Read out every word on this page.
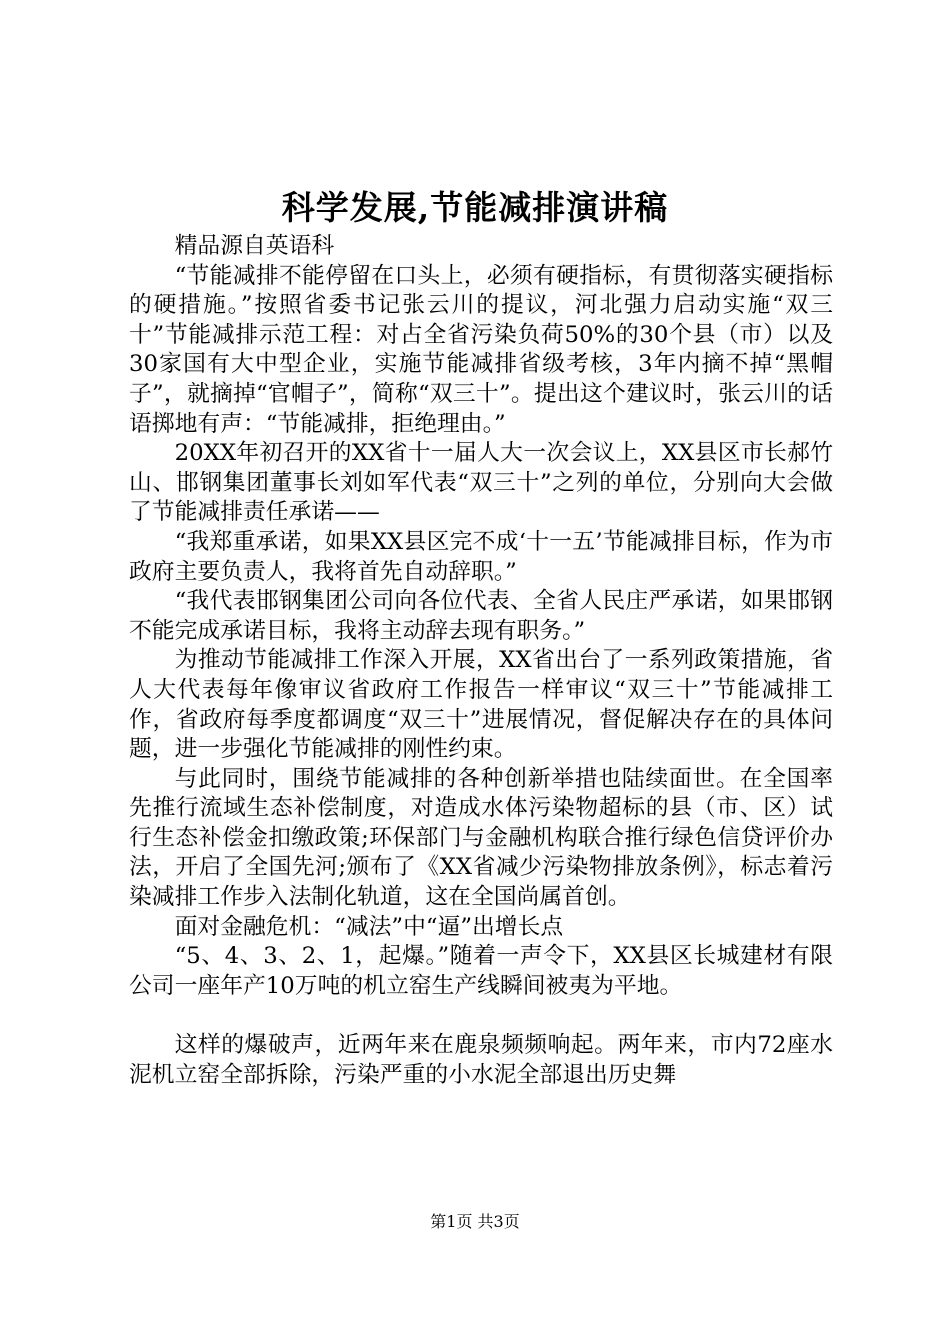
科学发展,节能减排演讲稿

精品源自英语科

“节能减排不能停留在口头上，必须有硬指标，有贯彻落实硬指标的硬措施。”按照省委书记张云川的提议，河北强力启动实施“双三十”节能减排示范工程：对占全省污染负荷50%的30个县（市）以及30家国有大中型企业，实施节能减排省级考核，3年内摘不掉“黑帽子”，就摘掉“官帽子”，简称“双三十”。提出这个建议时，张云川的话语掷地有声：“节能减排，拒绝理由。”

20XX年初召开的XX省十一届人大一次会议上，XX县区市长郝竹山、邯钢集团董事长刘如军代表“双三十”之列的单位，分别向大会做了节能减排责任承诺——

“我郑重承诺，如果XX县区完不成‘十一五’节能减排目标，作为市政府主要负责人，我将首先自动辞职。”

“我代表邯钢集团公司向各位代表、全省人民庄严承诺，如果邯钢不能完成承诺目标，我将主动辞去现有职务。”

为推动节能减排工作深入开展，XX省出台了一系列政策措施，省人大代表每年像审议省政府工作报告一样审议“双三十”节能减排工作，省政府每季度都调度“双三十”进展情况，督促解决存在的具体问题，进一步强化节能减排的刚性约束。

与此同时，围绕节能减排的各种创新举措也陆续面世。在全国率先推行流域生态补偿制度，对造成水体污染物超标的县（市、区）试行生态补偿金扣缴政策;环保部门与金融机构联合推行绿色信贷评价办法，开启了全国先河;颁布了《XX省减少污染物排放条例》，标志着污染减排工作步入法制化轨道，这在全国尚属首创。

面对金融危机：“减法”中“逼”出增长点

“5、4、3、2、1，起爆。”随着一声令下，XX县区长城建材有限公司一座年产10万吨的机立窑生产线瞬间被夷为平地。

这样的爆破声，近两年来在鹿泉频频响起。两年来，市内72座水泥机立窑全部拆除，污染严重的小水泥全部退出历史舞

第1页 共3页
